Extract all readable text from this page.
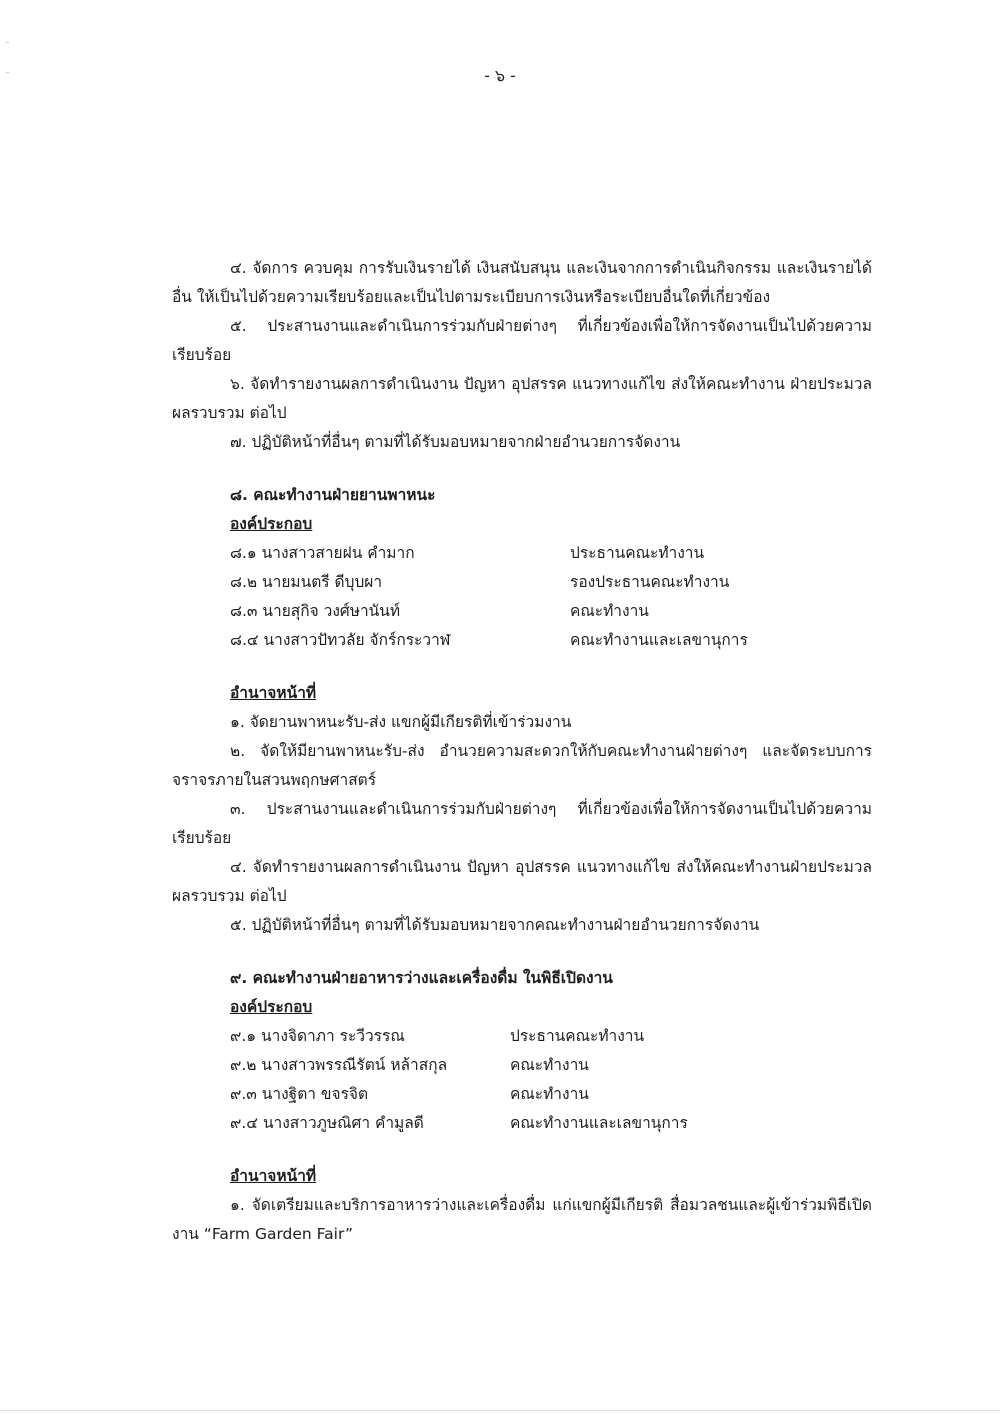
- ๖ -

๔. จัดการ ควบคุม การรับเงินรายได้ เงินสนับสนุน และเงินจากการดำเนินกิจกรรม และเงินรายได้อื่น ให้เป็นไปด้วยความเรียบร้อยและเป็นไปตามระเบียบการเงินหรือระเบียบอื่นใดที่เกี่ยวข้อง

๕. ประสานงานและดำเนินการร่วมกับฝ่ายต่างๆ ที่เกี่ยวข้องเพื่อให้การจัดงานเป็นไปด้วยความเรียบร้อย

๖. จัดทำรายงานผลการดำเนินงาน ปัญหา อุปสรรค แนวทางแก้ไข ส่งให้คณะทำงาน ฝ่ายประมวลผลรวบรวม ต่อไป

๗. ปฏิบัติหน้าที่อื่นๆ ตามที่ได้รับมอบหมายจากฝ่ายอำนวยการจัดงาน

๘. คณะทำงานฝ่ายยานพาหนะ

องค์ประกอบ

๘.๑ นางสาวสายฝน คำมาก	ประธานคณะทำงาน
๘.๒ นายมนตรี ดีบุบผา	รองประธานคณะทำงาน
๘.๓ นายสุกิจ วงศ์ษานันท์	คณะทำงาน
๘.๔ นางสาวปัทวลัย จักร์กระวาฬ	คณะทำงานและเลขานุการ

อำนาจหน้าที่

๑. จัดยานพาหนะรับ-ส่ง แขกผู้มีเกียรติที่เข้าร่วมงาน

๒. จัดให้มียานพาหนะรับ-ส่ง อำนวยความสะดวกให้กับคณะทำงานฝ่ายต่างๆ และจัดระบบการจราจรภายในสวนพฤกษศาสตร์

๓. ประสานงานและดำเนินการร่วมกับฝ่ายต่างๆ ที่เกี่ยวข้องเพื่อให้การจัดงานเป็นไปด้วยความเรียบร้อย

๔. จัดทำรายงานผลการดำเนินงาน ปัญหา อุปสรรค แนวทางแก้ไข ส่งให้คณะทำงานฝ่ายประมวลผลรวบรวม ต่อไป

๕. ปฏิบัติหน้าที่อื่นๆ ตามที่ได้รับมอบหมายจากคณะทำงานฝ่ายอำนวยการจัดงาน

๙. คณะทำงานฝ่ายอาหารว่างและเครื่องดื่ม ในพิธีเปิดงาน

องค์ประกอบ

๙.๑ นางจิดาภา ระวีวรรณ	ประธานคณะทำงาน
๙.๒ นางสาวพรรณีรัตน์ หล้าสกุล	คณะทำงาน
๙.๓ นางฐิตา ขจรจิต	คณะทำงาน
๙.๔ นางสาวภูษณิศา คำมูลดี	คณะทำงานและเลขานุการ

อำนาจหน้าที่

๑. จัดเตรียมและบริการอาหารว่างและเครื่องดื่ม แก่แขกผู้มีเกียรติ สื่อมวลชนและผู้เข้าร่วมพิธีเปิดงาน “Farm Garden Fair”
